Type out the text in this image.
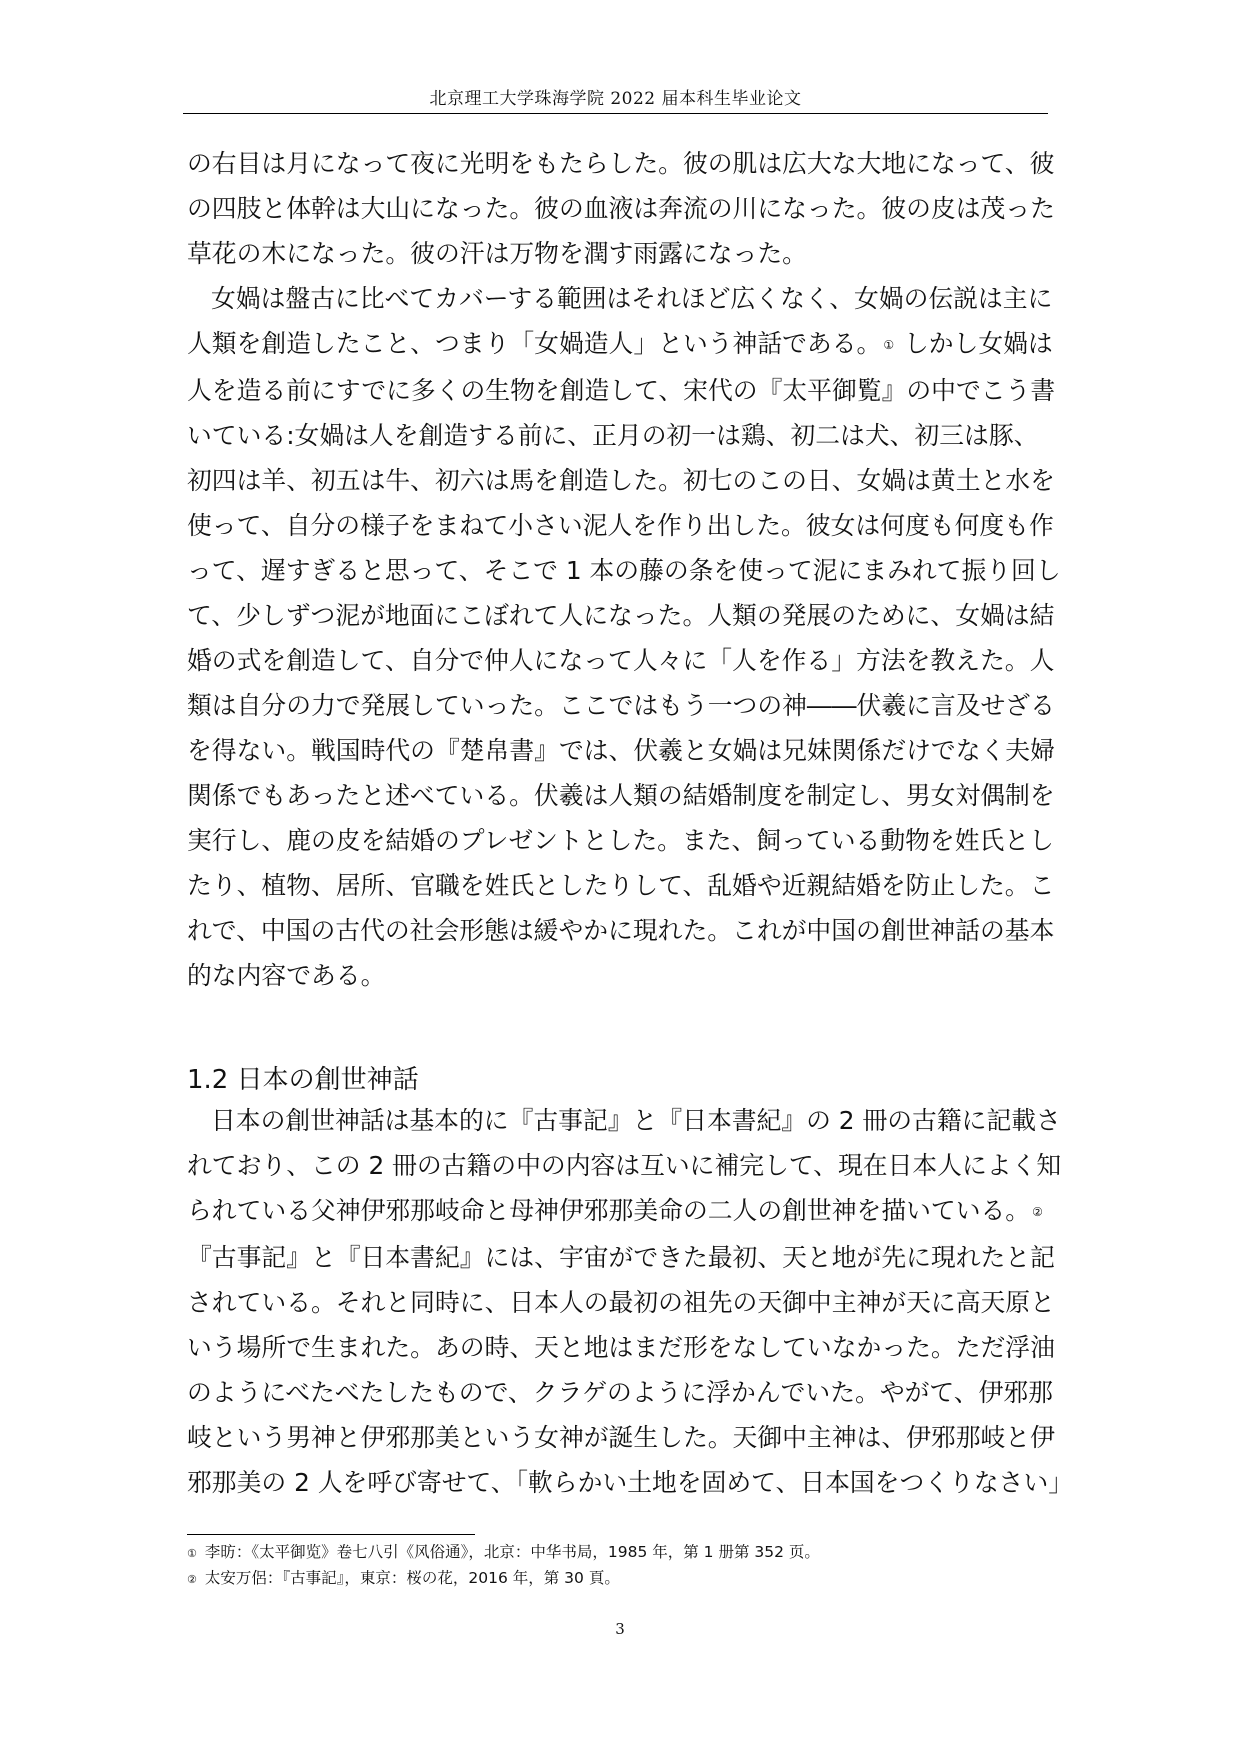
北京理工大学珠海学院 2022 届本科生毕业论文

の右目は月になって夜に光明をもたらした。彼の肌は広大な大地になって、彼
の四肢と体幹は大山になった。彼の血液は奔流の川になった。彼の皮は茂った
草花の木になった。彼の汗は万物を潤す雨露になった。

女媧は盤古に比べてカバーする範囲はそれほど広くなく、女媧の伝説は主に
人類を創造したこと、つまり「女媧造人」という神話である。 ① しかし女媧は
人を造る前にすでに多くの生物を創造して、宋代の『太平御覧』の中でこう書
いている:女媧は人を創造する前に、正月の初一は鶏、初二は犬、初三は豚、
初四は羊、初五は牛、初六は馬を創造した。初七のこの日、女媧は黄土と水を
使って、自分の様子をまねて小さい泥人を作り出した。彼女は何度も何度も作
って、遅すぎると思って、そこで 1 本の藤の条を使って泥にまみれて振り回し
て、少しずつ泥が地面にこぼれて人になった。人類の発展のために、女媧は結
婚の式を創造して、自分で仲人になって人々に「人を作る」方法を教えた。人
類は自分の力で発展していった。ここではもう一つの神――伏羲に言及せざる
を得ない。戦国時代の『楚帛書』では、伏羲と女媧は兄妹関係だけでなく夫婦
関係でもあったと述べている。伏羲は人類の結婚制度を制定し、男女対偶制を
実行し、鹿の皮を結婚のプレゼントとした。また、飼っている動物を姓氏とし
たり、植物、居所、官職を姓氏としたりして、乱婚や近親結婚を防止した。こ
れで、中国の古代の社会形態は緩やかに現れた。これが中国の創世神話の基本
的な内容である。

1.2 日本の創世神話

日本の創世神話は基本的に『古事記』と『日本書紀』の 2 冊の古籍に記載さ
れており、この 2 冊の古籍の中の内容は互いに補完して、現在日本人によく知
られている父神伊邪那岐命と母神伊邪那美命の二人の創世神を描いている。 ②
『古事記』と『日本書紀』には、宇宙ができた最初、天と地が先に現れたと記
されている。それと同時に、日本人の最初の祖先の天御中主神が天に高天原と
いう場所で生まれた。あの時、天と地はまだ形をなしていなかった。ただ浮油
のようにべたべたしたもので、クラゲのように浮かんでいた。やがて、伊邪那
岐という男神と伊邪那美という女神が誕生した。天御中主神は、伊邪那岐と伊
邪那美の 2 人を呼び寄せて、「軟らかい土地を固めて、日本国をつくりなさい」

① 李昉：《太平御览》卷七八引《风俗通》，北京：中华书局，1985 年，第 1 册第 352 页。
② 太安万侶：『古事記』，東京：桜の花，2016 年，第 30 頁。
3
